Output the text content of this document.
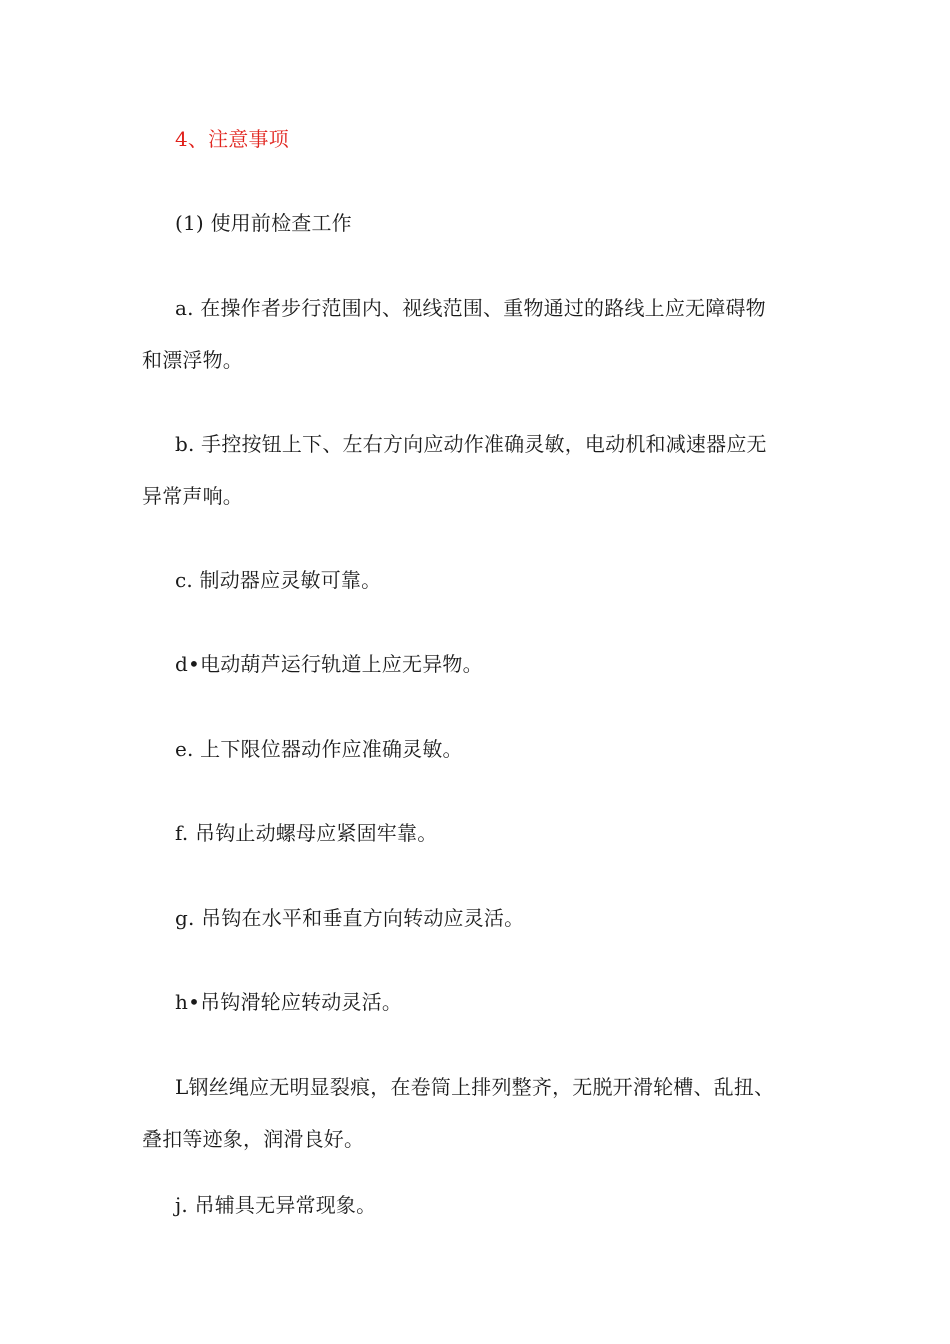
4、注意事项
(1) 使用前检查工作
a. 在操作者步行范围内、视线范围、重物通过的路线上应无障碍物
和漂浮物。
b. 手控按钮上下、左右方向应动作准确灵敏，电动机和减速器应无
异常声响。
c. 制动器应灵敏可靠。
d•电动葫芦运行轨道上应无异物。
e. 上下限位器动作应准确灵敏。
f. 吊钩止动螺母应紧固牢靠。
g. 吊钩在水平和垂直方向转动应灵活。
h•吊钩滑轮应转动灵活。
L钢丝绳应无明显裂痕，在卷筒上排列整齐，无脱开滑轮槽、乱扭、
叠扣等迹象，润滑良好。
j. 吊辅具无异常现象。
